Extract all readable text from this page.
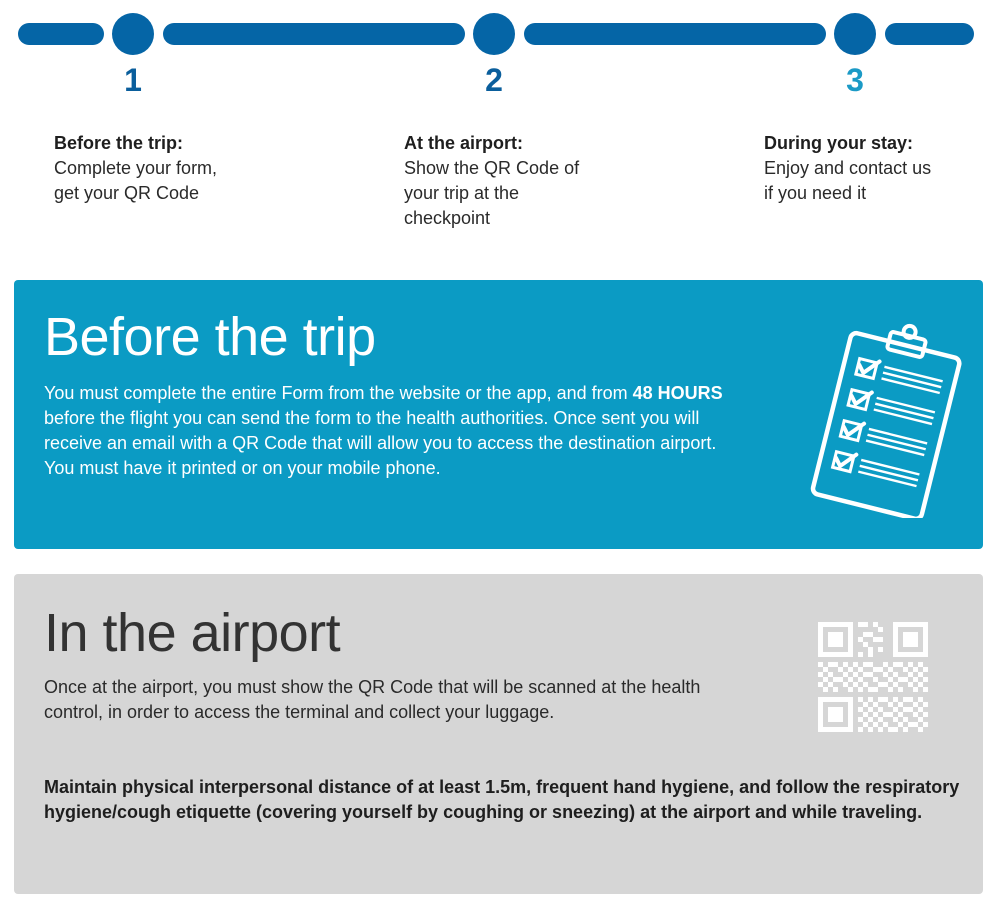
1	2	3
Before the trip:
Complete your form,
get your QR Code
At the airport:
Show the QR Code of
your trip at the
checkpoint
During your stay:
Enjoy and contact us
if you need it
Before the trip

You must complete the entire Form from the website or the app, and from 48 HOURS before the flight you can send the form to the health authorities. Once sent you will receive an email with a QR Code that will allow you to access the destination airport. You must have it printed or on your mobile phone.

In the airport

Once at the airport, you must show the QR Code that will be scanned at the health control, in order to access the terminal and collect your luggage.

Maintain physical interpersonal distance of at least 1.5m, frequent hand hygiene, and follow the respiratory hygiene/cough etiquette (covering yourself by coughing or sneezing) at the airport and while traveling.
